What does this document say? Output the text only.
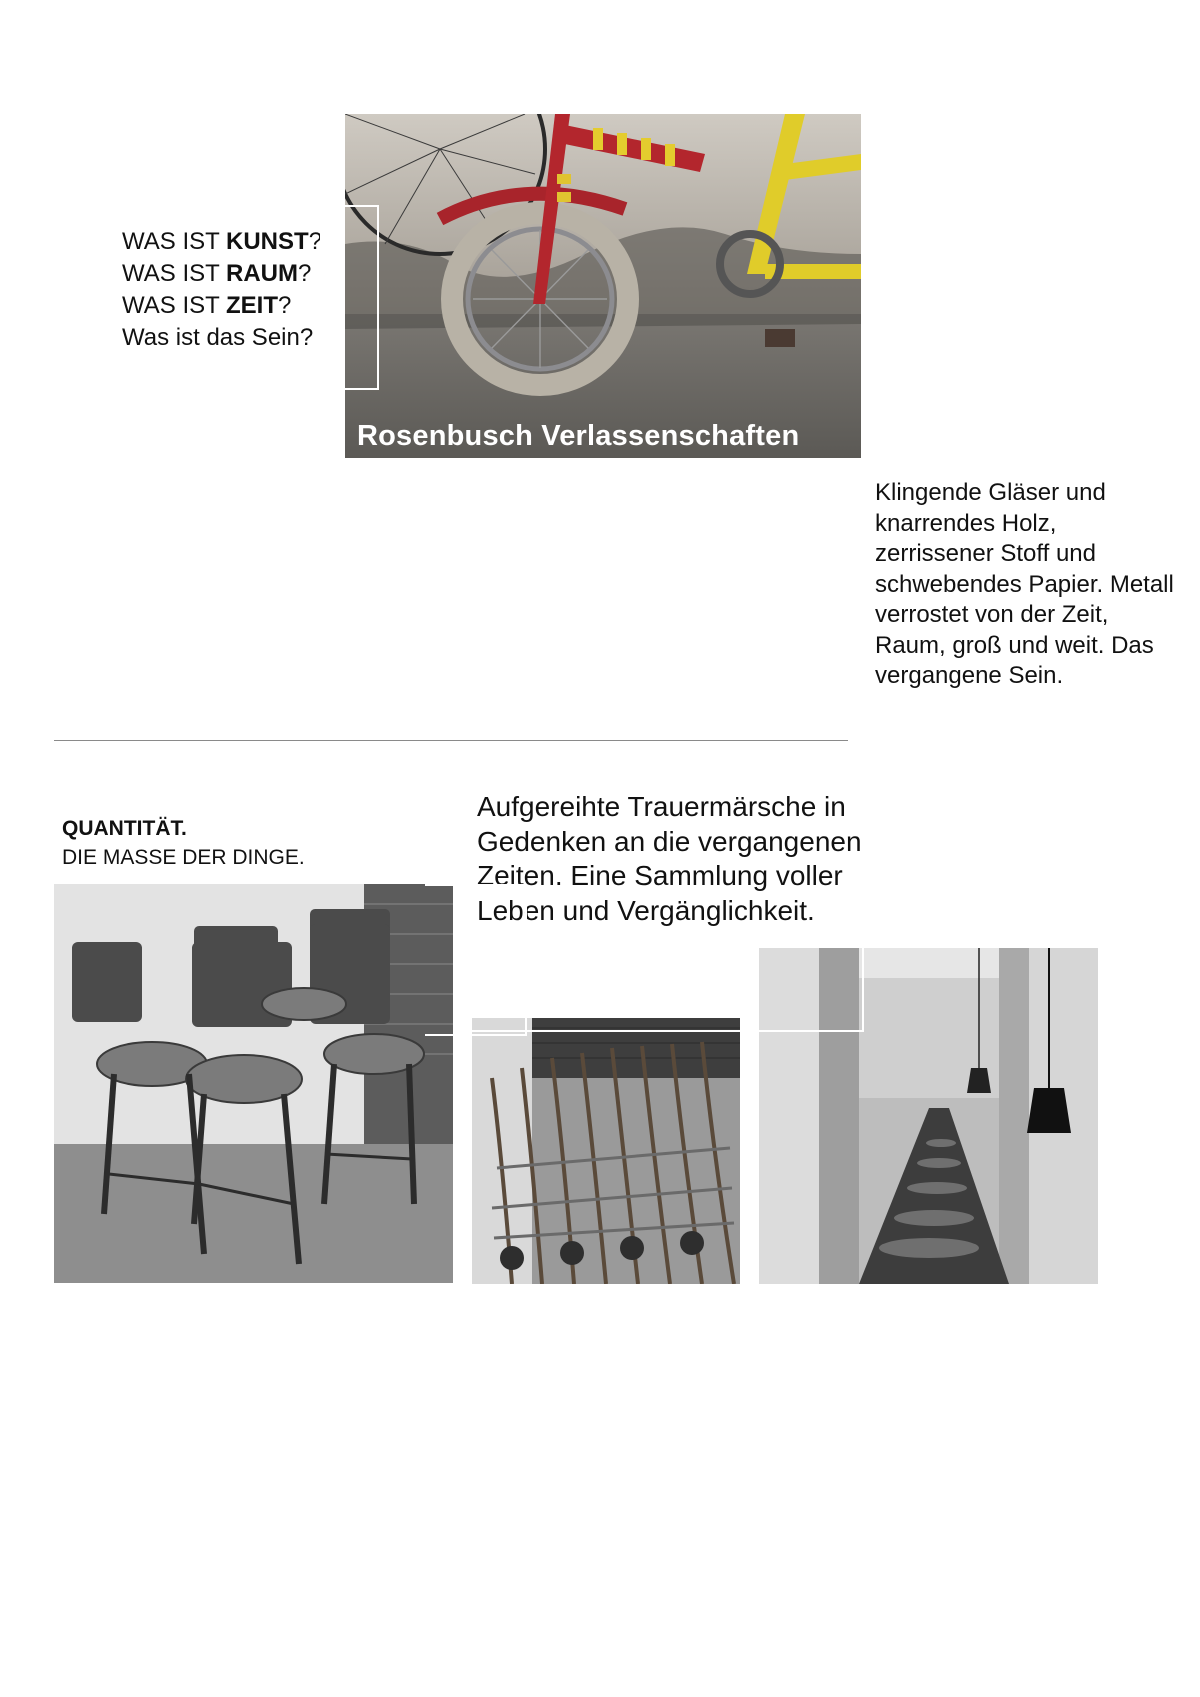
WAS IST KUNST?
WAS IST RAUM?
WAS IST ZEIT?
Was ist das Sein?
Rosenbusch Verlassenschaften
Klingende Gläser und knarrendes Holz, zerrissener Stoff und schwebendes Papier. Metall verrostet von der Zeit, Raum, groß und weit. Das vergangene Sein.
QUANTITÄT.
DIE MASSE DER DINGE.
Aufgereihte Trauermärsche in Gedenken an die vergangenen Zeiten. Eine Sammlung voller Leben und Vergänglichkeit.
